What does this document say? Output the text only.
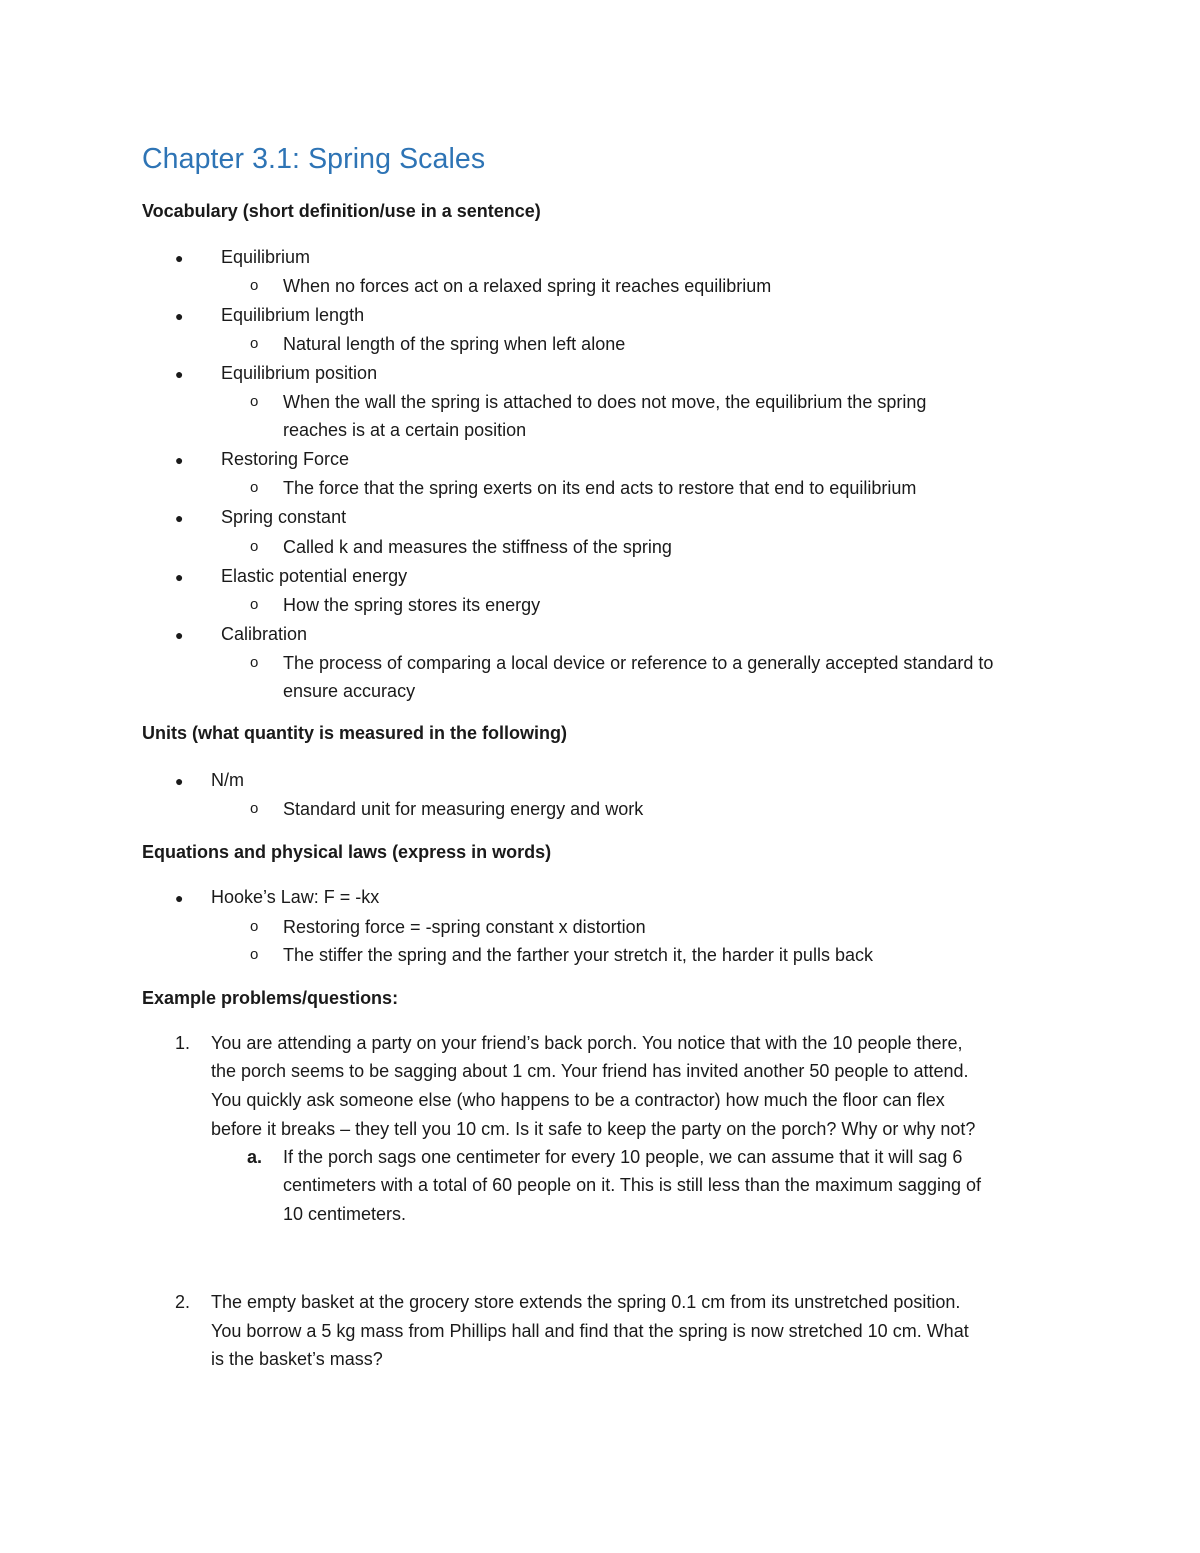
Chapter 3.1: Spring Scales
Vocabulary (short definition/use in a sentence)
● Equilibrium
o When no forces act on a relaxed spring it reaches equilibrium
● Equilibrium length
o Natural length of the spring when left alone
● Equilibrium position
o When the wall the spring is attached to does not move, the equilibrium the spring
reaches is at a certain position
● Restoring Force
o The force that the spring exerts on its end acts to restore that end to equilibrium
● Spring constant
o Called k and measures the stiffness of the spring
● Elastic potential energy
o How the spring stores its energy
● Calibration
o The process of comparing a local device or reference to a generally accepted standard to
ensure accuracy
Units (what quantity is measured in the following)
● N/m
o Standard unit for measuring energy and work
Equations and physical laws (express in words)
● Hooke’s Law: F = -kx
o Restoring force = -spring constant x distortion
o The stiffer the spring and the farther your stretch it, the harder it pulls back
Example problems/questions:
1. You are attending a party on your friend’s back porch. You notice that with the 10 people there,
the porch seems to be sagging about 1 cm. Your friend has invited another 50 people to attend.
You quickly ask someone else (who happens to be a contractor) how much the floor can flex
before it breaks – they tell you 10 cm. Is it safe to keep the party on the porch? Why or why not?
a. If the porch sags one centimeter for every 10 people, we can assume that it will sag 6
centimeters with a total of 60 people on it. This is still less than the maximum sagging of
10 centimeters.
2. The empty basket at the grocery store extends the spring 0.1 cm from its unstretched position.
You borrow a 5 kg mass from Phillips hall and find that the spring is now stretched 10 cm. What
is the basket’s mass?
